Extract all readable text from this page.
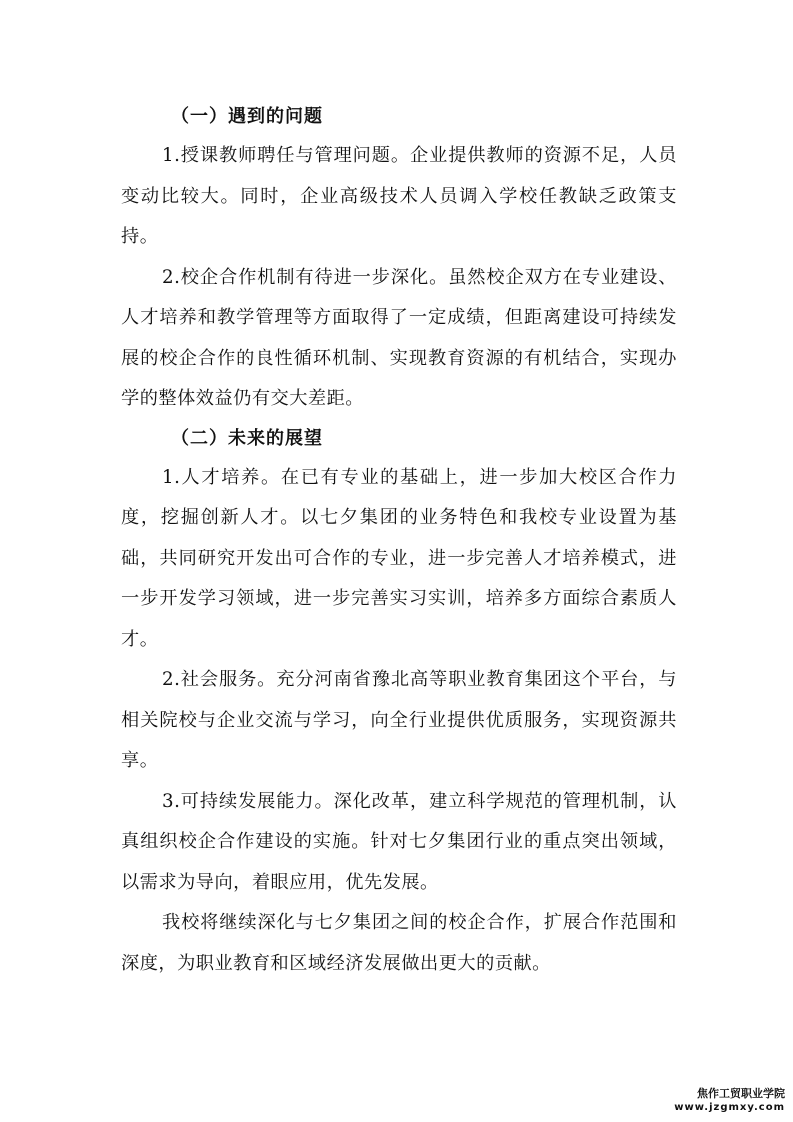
（一）遇到的问题

1.授课教师聘任与管理问题。企业提供教师的资源不足，人员变动比较大。同时，企业高级技术人员调入学校任教缺乏政策支持。

2.校企合作机制有待进一步深化。虽然校企双方在专业建设、人才培养和教学管理等方面取得了一定成绩，但距离建设可持续发展的校企合作的良性循环机制、实现教育资源的有机结合，实现办学的整体效益仍有交大差距。

（二）未来的展望

1.人才培养。在已有专业的基础上，进一步加大校区合作力度，挖掘创新人才。以七夕集团的业务特色和我校专业设置为基础，共同研究开发出可合作的专业，进一步完善人才培养模式，进一步开发学习领域，进一步完善实习实训，培养多方面综合素质人才。

2.社会服务。充分河南省豫北高等职业教育集团这个平台，与相关院校与企业交流与学习，向全行业提供优质服务，实现资源共享。

3.可持续发展能力。深化改革，建立科学规范的管理机制，认真组织校企合作建设的实施。针对七夕集团行业的重点突出领域，以需求为导向，着眼应用，优先发展。

我校将继续深化与七夕集团之间的校企合作，扩展合作范围和深度，为职业教育和区域经济发展做出更大的贡献。

焦作工贸职业学院
www.jzgmxy.com
